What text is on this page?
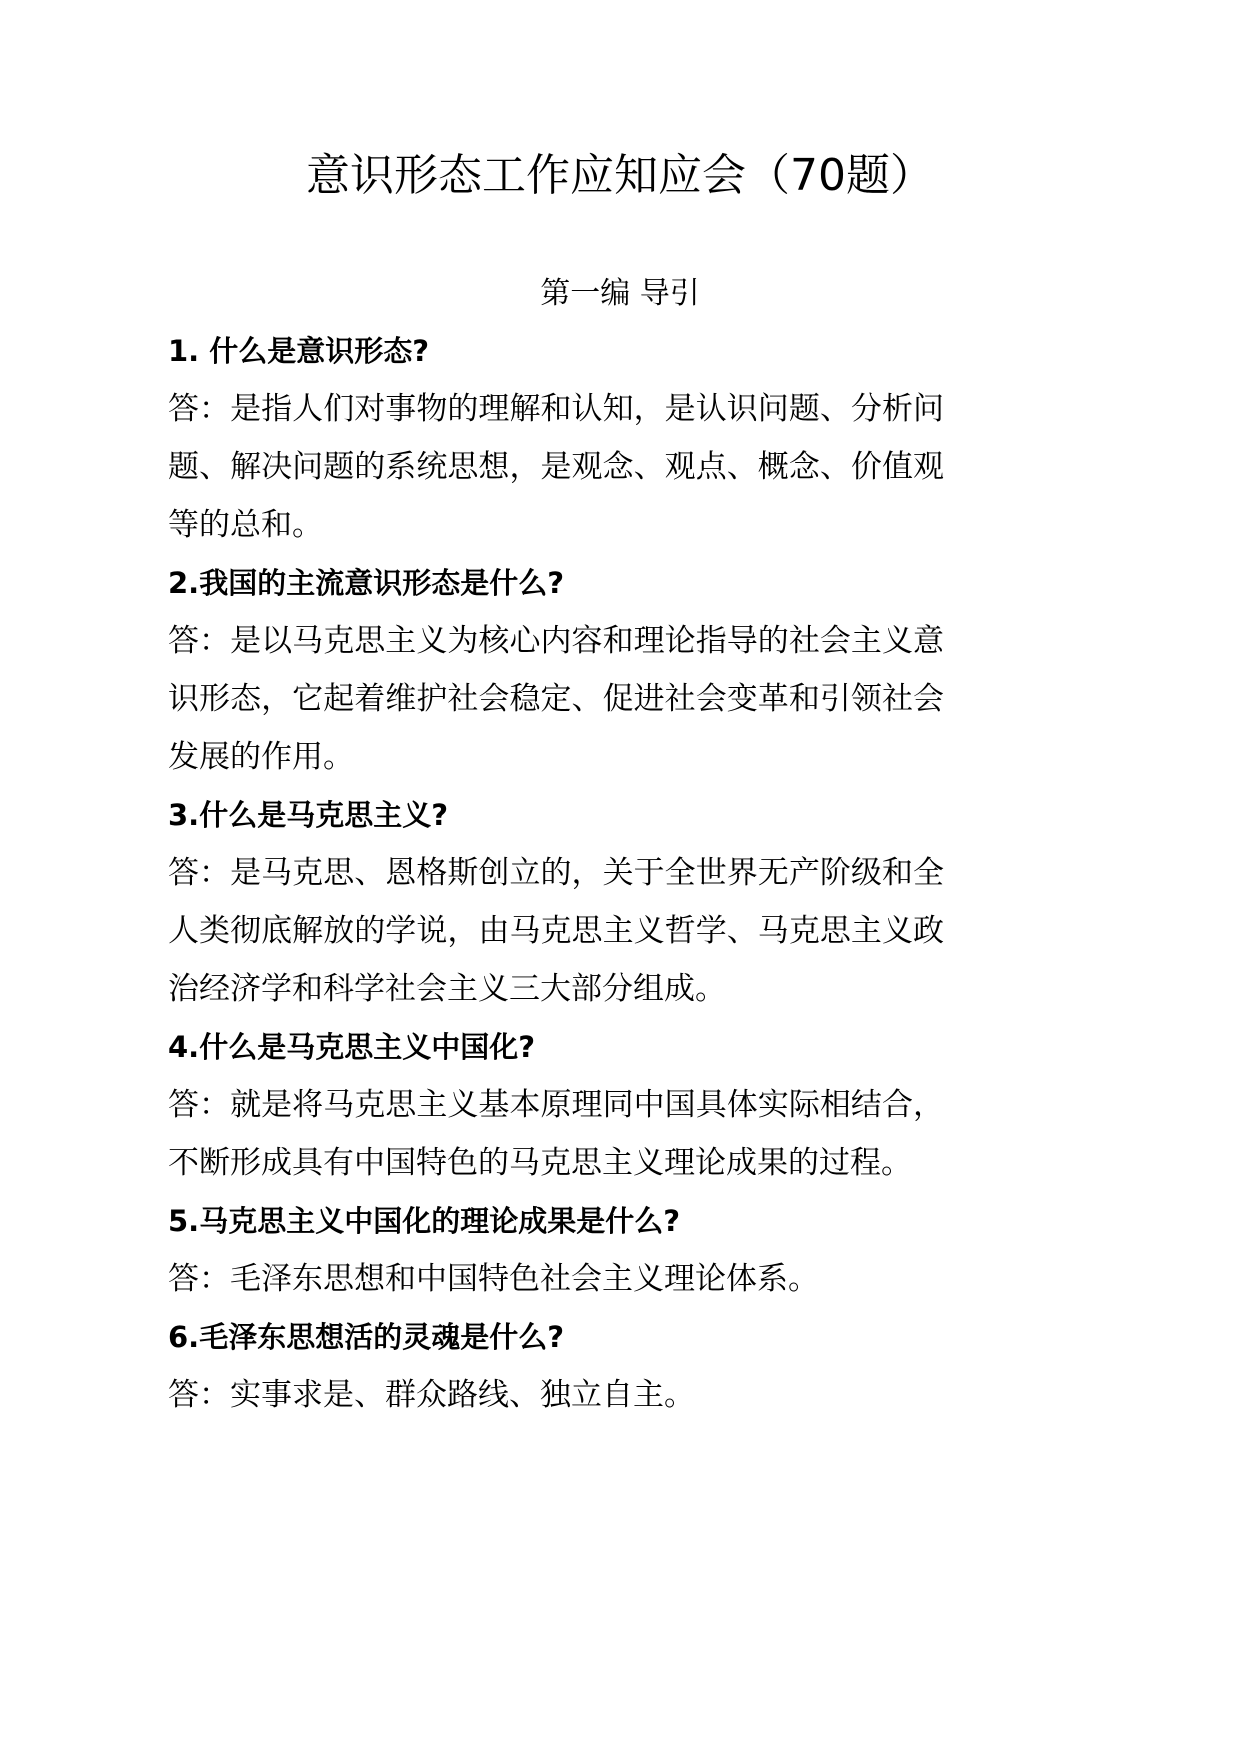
意识形态工作应知应会（70题）
第一编 导引
1. 什么是意识形态?
答：是指人们对事物的理解和认知，是认识问题、分析问题、解决问题的系统思想，是观念、观点、概念、价值观等的总和。
2.我国的主流意识形态是什么?
答：是以马克思主义为核心内容和理论指导的社会主义意识形态，它起着维护社会稳定、促进社会变革和引领社会发展的作用。
3.什么是马克思主义?
答：是马克思、恩格斯创立的，关于全世界无产阶级和全人类彻底解放的学说，由马克思主义哲学、马克思主义政治经济学和科学社会主义三大部分组成。
4.什么是马克思主义中国化?
答：就是将马克思主义基本原理同中国具体实际相结合，不断形成具有中国特色的马克思主义理论成果的过程。
5.马克思主义中国化的理论成果是什么?
答：毛泽东思想和中国特色社会主义理论体系。
6.毛泽东思想活的灵魂是什么?
答：实事求是、群众路线、独立自主。
